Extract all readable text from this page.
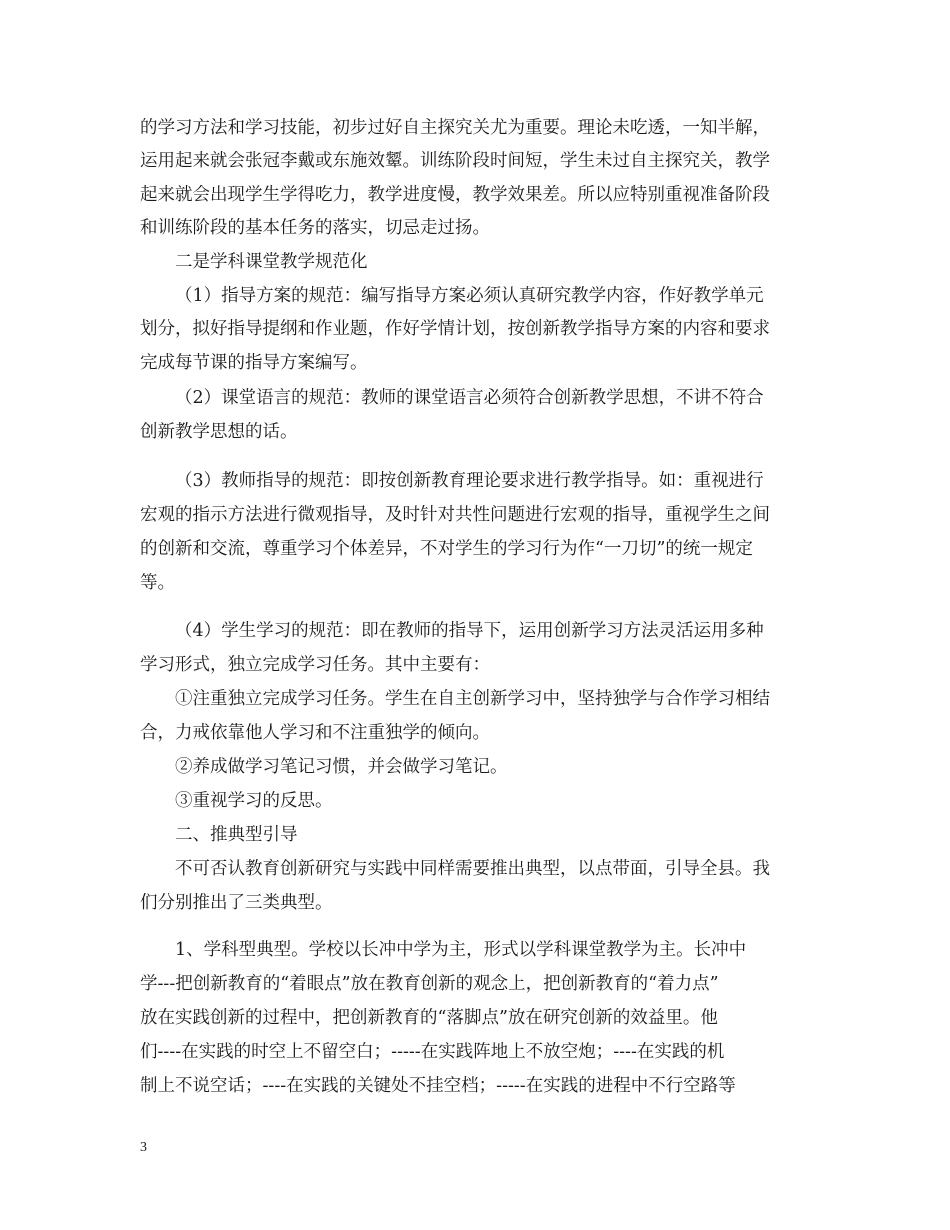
的学习方法和学习技能，初步过好自主探究关尤为重要。理论未吃透，一知半解，
运用起来就会张冠李戴或东施效颦。训练阶段时间短，学生未过自主探究关，教学
起来就会出现学生学得吃力，教学进度慢，教学效果差。所以应特别重视准备阶段
和训练阶段的基本任务的落实，切忌走过扬。
二是学科课堂教学规范化
（1）指导方案的规范：编写指导方案必须认真研究教学内容，作好教学单元
划分，拟好指导提纲和作业题，作好学情计划，按创新教学指导方案的内容和要求
完成每节课的指导方案编写。
（2）课堂语言的规范：教师的课堂语言必须符合创新教学思想，不讲不符合
创新教学思想的话。
（3）教师指导的规范：即按创新教育理论要求进行教学指导。如：重视进行
宏观的指示方法进行微观指导，及时针对共性问题进行宏观的指导，重视学生之间
的创新和交流，尊重学习个体差异，不对学生的学习行为作“一刀切”的统一规定
等。
（4）学生学习的规范：即在教师的指导下，运用创新学习方法灵活运用多种
学习形式，独立完成学习任务。其中主要有：
①注重独立完成学习任务。学生在自主创新学习中，坚持独学与合作学习相结
合，力戒依靠他人学习和不注重独学的倾向。
②养成做学习笔记习惯，并会做学习笔记。
③重视学习的反思。
二、推典型引导
不可否认教育创新研究与实践中同样需要推出典型，以点带面，引导全县。我
们分别推出了三类典型。
1、学科型典型。学校以长冲中学为主，形式以学科课堂教学为主。长冲中
学---把创新教育的“着眼点”放在教育创新的观念上，把创新教育的“着力点”
放在实践创新的过程中，把创新教育的“落脚点”放在研究创新的效益里。他
们----在实践的时空上不留空白；-----在实践阵地上不放空炮；----在实践的机
制上不说空话；----在实践的关键处不挂空档；-----在实践的进程中不行空路等
3
